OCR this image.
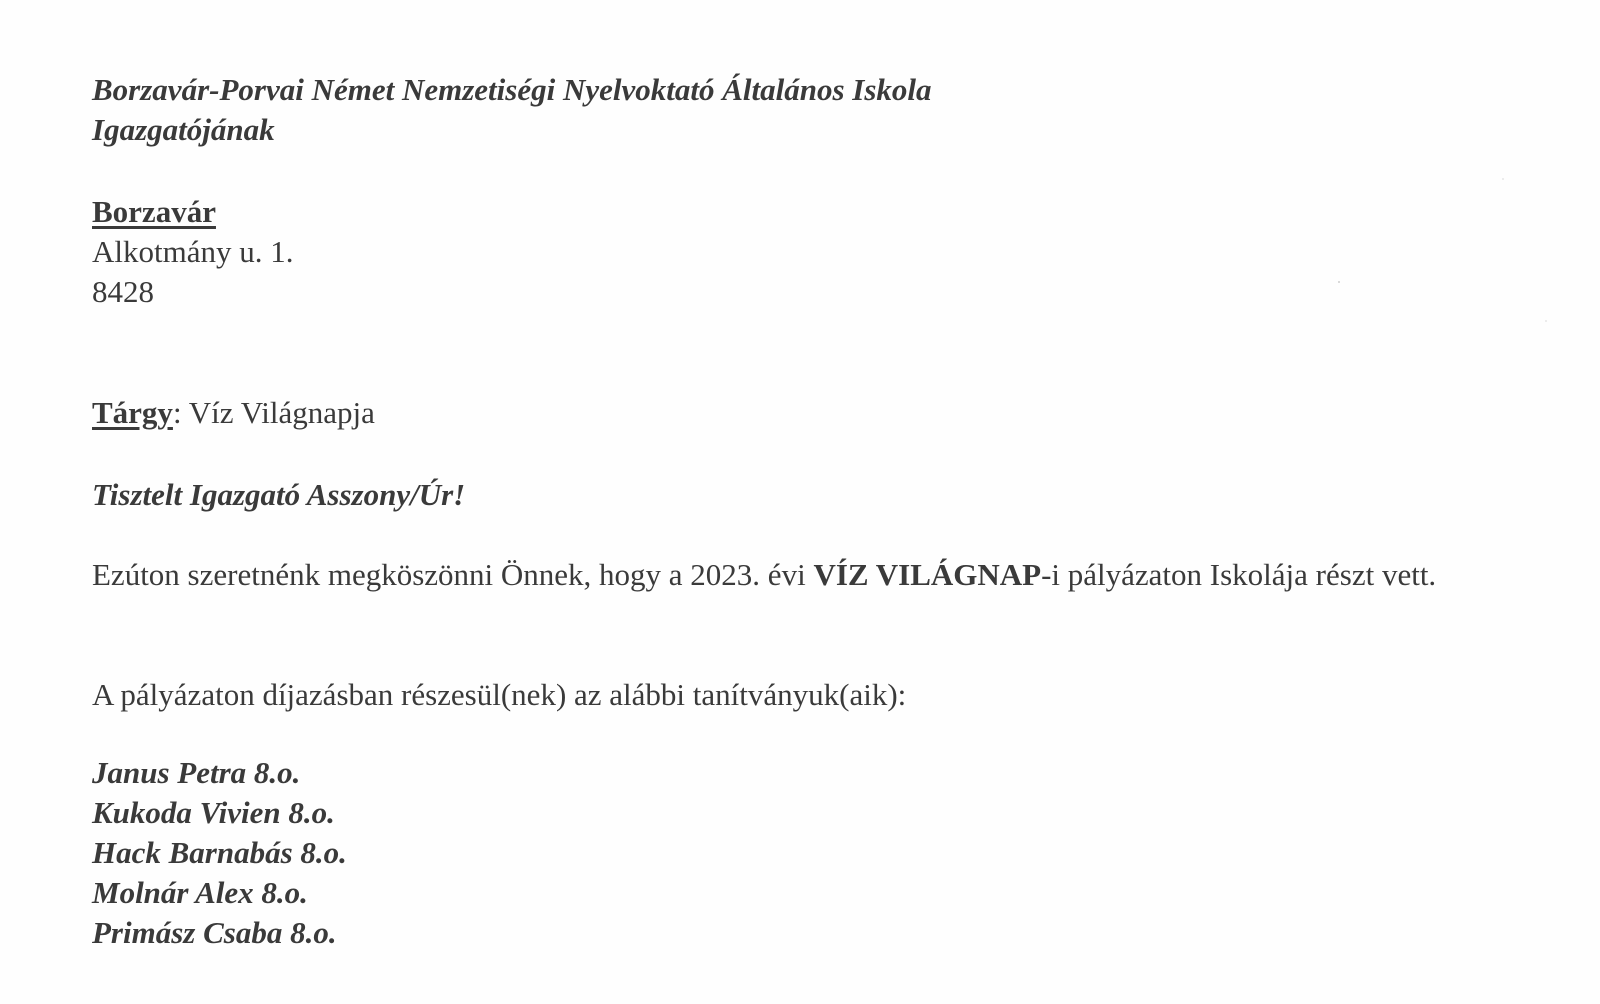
Borzavár-Porvai Német Nemzetiségi Nyelvoktató Általános Iskola
Igazgatójának
Borzavár
Alkotmány u. 1.
8428
Tárgy: Víz Világnapja
Tisztelt Igazgató Asszony/Úr!
Ezúton szeretnénk megköszönni Önnek, hogy a 2023. évi VÍZ VILÁGNAP-i pályázaton Iskolája részt vett.
A pályázaton díjazásban részesül(nek) az alábbi tanítványuk(aik):
Janus Petra 8.o.
Kukoda Vivien 8.o.
Hack Barnabás 8.o.
Molnár Alex 8.o.
Primász Csaba 8.o.
